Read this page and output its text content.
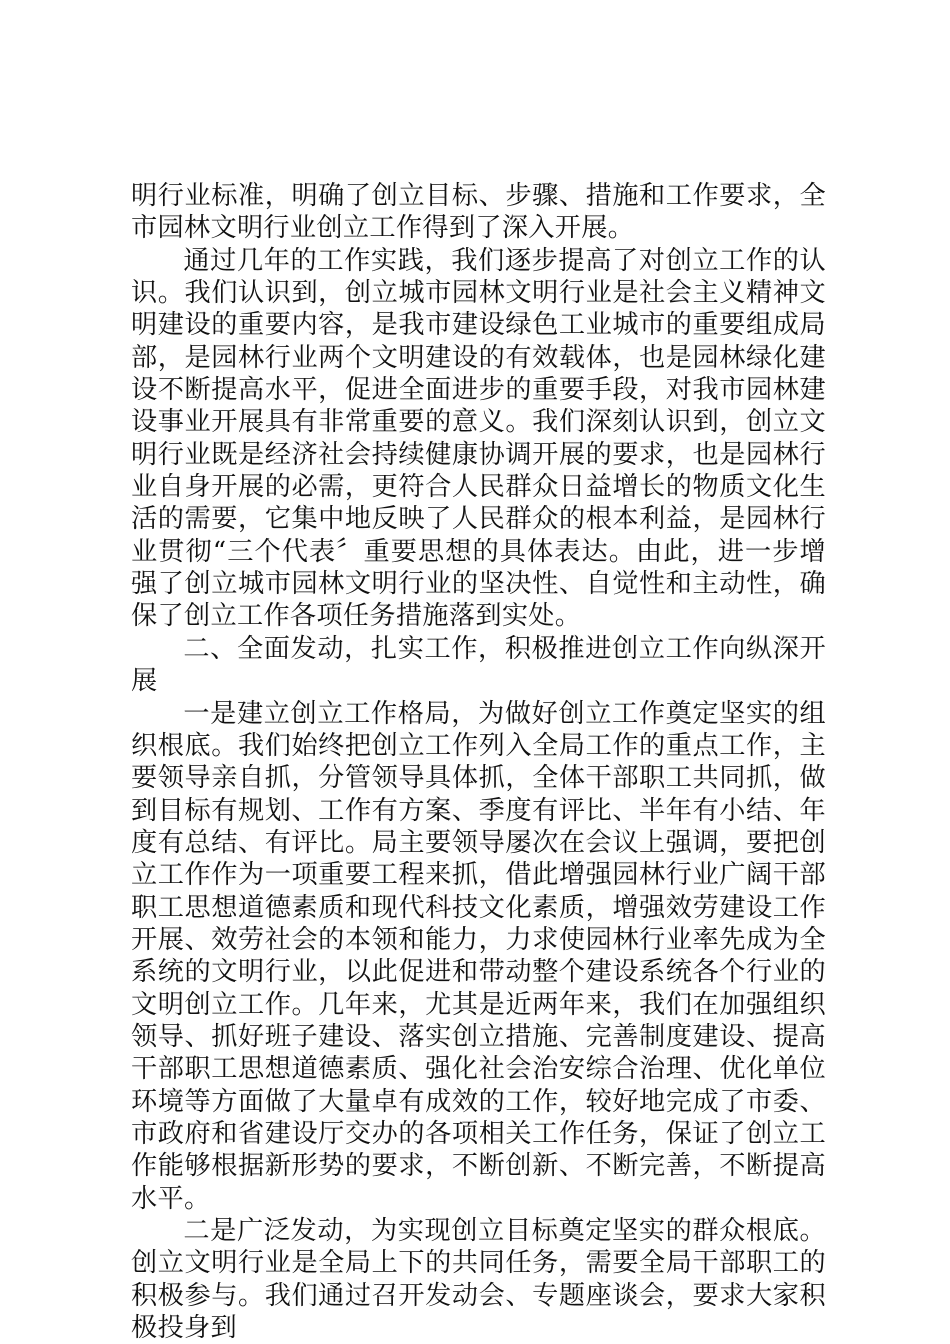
明行业标准，明确了创立目标、步骤、措施和工作要求，全市园林文明行业创立工作得到了深入开展。

通过几年的工作实践，我们逐步提高了对创立工作的认识。我们认识到，创立城市园林文明行业是社会主义精神文明建设的重要内容，是我市建设绿色工业城市的重要组成局部，是园林行业两个文明建设的有效载体，也是园林绿化建设不断提高水平，促进全面进步的重要手段，对我市园林建设事业开展具有非常重要的意义。我们深刻认识到，创立文明行业既是经济社会持续健康协调开展的要求，也是园林行业自身开展的必需，更符合人民群众日益增长的物质文化生活的需要，它集中地反映了人民群众的根本利益，是园林行业贯彻“三个代表〞重要思想的具体表达。由此，进一步增强了创立城市园林文明行业的坚决性、自觉性和主动性，确保了创立工作各项任务措施落到实处。

二、全面发动，扎实工作，积极推进创立工作向纵深开展

一是建立创立工作格局，为做好创立工作奠定坚实的组织根底。我们始终把创立工作列入全局工作的重点工作，主要领导亲自抓，分管领导具体抓，全体干部职工共同抓，做到目标有规划、工作有方案、季度有评比、半年有小结、年度有总结、有评比。局主要领导屡次在会议上强调，要把创立工作作为一项重要工程来抓，借此增强园林行业广阔干部职工思想道德素质和现代科技文化素质，增强效劳建设工作开展、效劳社会的本领和能力，力求使园林行业率先成为全系统的文明行业，以此促进和带动整个建设系统各个行业的文明创立工作。几年来，尤其是近两年来，我们在加强组织领导、抓好班子建设、落实创立措施、完善制度建设、提高干部职工思想道德素质、强化社会治安综合治理、优化单位环境等方面做了大量卓有成效的工作，较好地完成了市委、市政府和省建设厅交办的各项相关工作任务，保证了创立工作能够根据新形势的要求，不断创新、不断完善，不断提高水平。

二是广泛发动，为实现创立目标奠定坚实的群众根底。创立文明行业是全局上下的共同任务，需要全局干部职工的积极参与。我们通过召开发动会、专题座谈会，要求大家积极投身到
